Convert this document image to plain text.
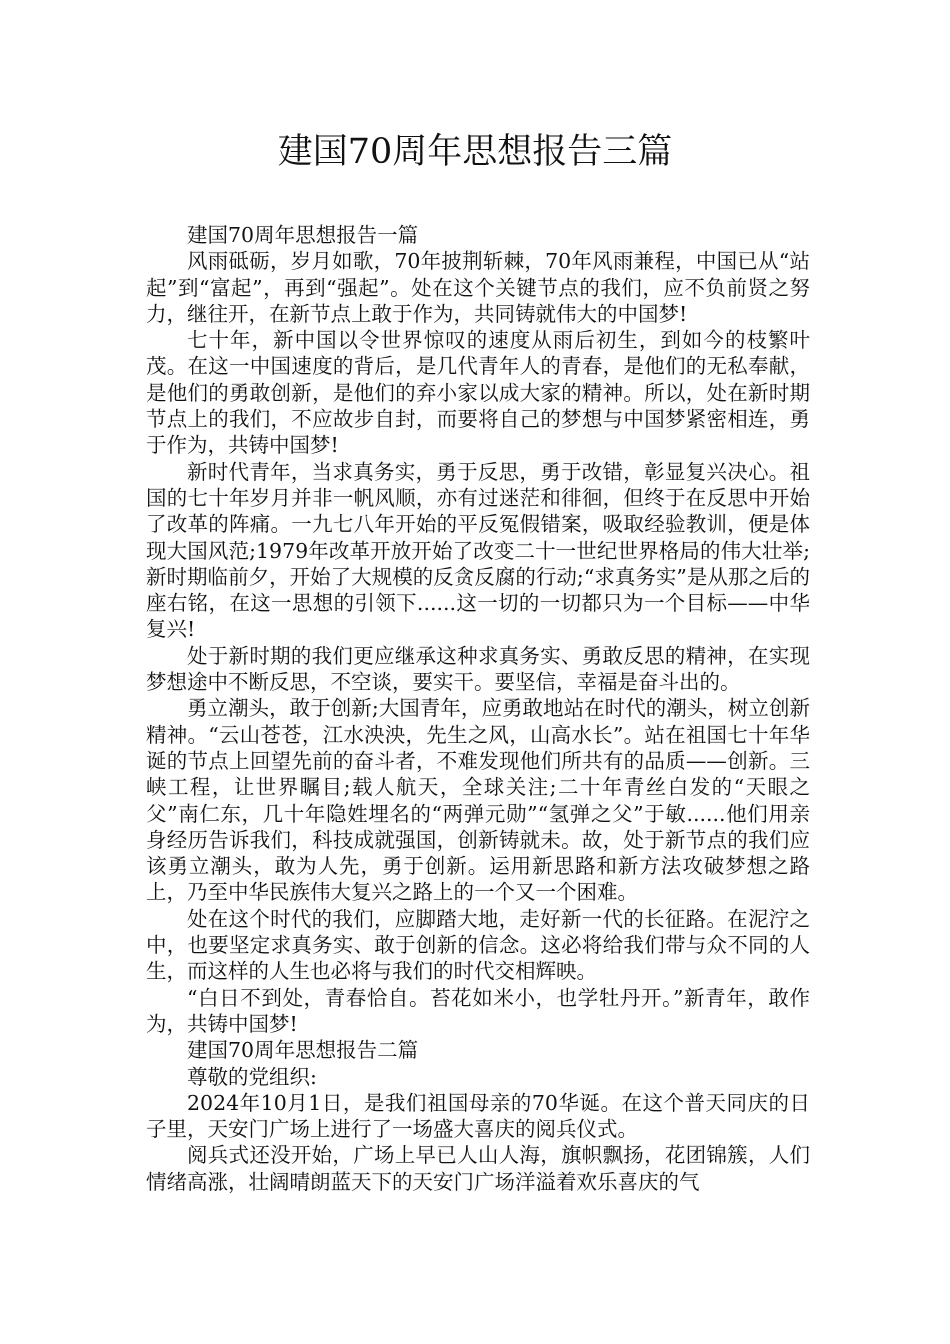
建国70周年思想报告三篇

建国70周年思想报告一篇

风雨砥砺，岁月如歌，70年披荆斩棘，70年风雨兼程，中国已从“站起”到“富起”，再到“强起”。处在这个关键节点的我们，应不负前贤之努力，继往开，在新节点上敢于作为，共同铸就伟大的中国梦!

七十年，新中国以令世界惊叹的速度从雨后初生，到如今的枝繁叶茂。在这一中国速度的背后，是几代青年人的青春，是他们的无私奉献，是他们的勇敢创新，是他们的弃小家以成大家的精神。所以，处在新时期节点上的我们，不应故步自封，而要将自己的梦想与中国梦紧密相连，勇于作为，共铸中国梦!

新时代青年，当求真务实，勇于反思，勇于改错，彰显复兴决心。祖国的七十年岁月并非一帆风顺，亦有过迷茫和徘徊，但终于在反思中开始了改革的阵痛。一九七八年开始的平反冤假错案，吸取经验教训，便是体现大国风范;1979年改革开放开始了改变二十一世纪世界格局的伟大壮举;新时期临前夕，开始了大规模的反贪反腐的行动;“求真务实”是从那之后的座右铭，在这一思想的引领下......这一切的一切都只为一个目标——中华复兴!

处于新时期的我们更应继承这种求真务实、勇敢反思的精神，在实现梦想途中不断反思，不空谈，要实干。要坚信，幸福是奋斗出的。

勇立潮头，敢于创新;大国青年，应勇敢地站在时代的潮头，树立创新精神。“云山苍苍，江水泱泱，先生之风，山高水长”。站在祖国七十年华诞的节点上回望先前的奋斗者，不难发现他们所共有的品质——创新。三峡工程，让世界瞩目;载人航天，全球关注;二十年青丝白发的“天眼之父”南仁东，几十年隐姓埋名的“两弹元勋”“氢弹之父”于敏......他们用亲身经历告诉我们，科技成就强国，创新铸就未。故，处于新节点的我们应该勇立潮头，敢为人先，勇于创新。运用新思路和新方法攻破梦想之路上，乃至中华民族伟大复兴之路上的一个又一个困难。

处在这个时代的我们，应脚踏大地，走好新一代的长征路。在泥泞之中，也要坚定求真务实、敢于创新的信念。这必将给我们带与众不同的人生，而这样的人生也必将与我们的时代交相辉映。

“白日不到处，青春恰自。苔花如米小，也学牡丹开。”新青年，敢作为，共铸中国梦!

建国70周年思想报告二篇

尊敬的党组织:

2024年10月1日，是我们祖国母亲的70华诞。在这个普天同庆的日子里，天安门广场上进行了一场盛大喜庆的阅兵仪式。

阅兵式还没开始，广场上早已人山人海，旗帜飘扬，花团锦簇，人们情绪高涨，壮阔晴朗蓝天下的天安门广场洋溢着欢乐喜庆的气
